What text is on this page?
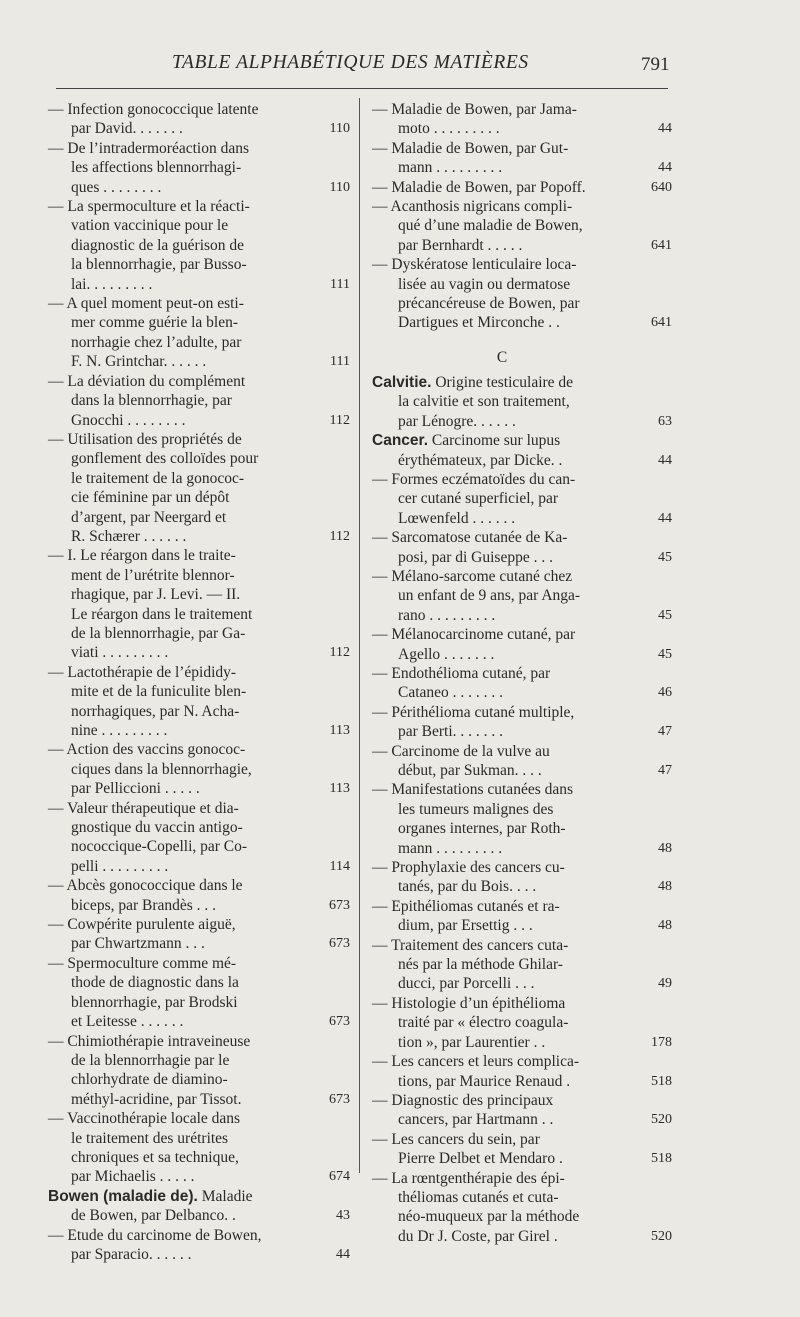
TABLE ALPHABÉTIQUE DES MATIÈRES	791
— Infection gonococcique latente
par David. . . . . . .	110
— De l’intradermoréaction dans
les affections blennorrhagi-
ques . . . . . . . .	110
— La spermoculture et la réacti-
vation vaccinique pour le
diagnostic de la guérison de
la blennorrhagie, par Busso-
lai. . . . . . . . .	111
— A quel moment peut-on esti-
mer comme guérie la blen-
norrhagie chez l’adulte, par
F. N. Grintchar. . . . . .	111
— La déviation du complément
dans la blennorrhagie, par
Gnocchi . . . . . . . .	112
— Utilisation des propriétés de
gonflement des colloïdes pour
le traitement de la gonococ-
cie féminine par un dépôt
d’argent, par Neergard et
R. Schærer . . . . . .	112
— I. Le réargon dans le traite-
ment de l’urétrite blennor-
rhagique, par J. Levi. — II.
Le réargon dans le traitement
de la blennorrhagie, par Ga-
viati . . . . . . . . .	112
— Lactothérapie de l’épididy-
mite et de la funiculite blen-
norrhagiques, par N. Acha-
nine . . . . . . . . .	113
— Action des vaccins gonococ-
ciques dans la blennorrhagie,
par Pelliccioni . . . . .	113
— Valeur thérapeutique et dia-
gnostique du vaccin antigo-
nococcique-Copelli, par Co-
pelli . . . . . . . . .	114
— Abcès gonococcique dans le
biceps, par Brandès . . .	673
— Cowpérite purulente aiguë,
par Chwartzmann . . .	673
— Spermoculture comme mé-
thode de diagnostic dans la
blennorrhagie, par Brodski
et Leitesse . . . . . .	673
— Chimiothérapie intraveineuse
de la blennorrhagie par le
chlorhydrate de diamino-
méthyl-acridine, par Tissot.	673
— Vaccinothérapie locale dans
le traitement des urétrites
chroniques et sa technique,
par Michaelis . . . . .	674
Bowen (maladie de). Maladie
de Bowen, par Delbanco. .	43
— Etude du carcinome de Bowen,
par Sparacio. . . . . .	44
— Maladie de Bowen, par Jama-
moto . . . . . . . . .	44
— Maladie de Bowen, par Gut-
mann . . . . . . . . .	44
— Maladie de Bowen, par Popoff.	640
— Acanthosis nigricans compli-
qué d’une maladie de Bowen,
par Bernhardt . . . . .	641
— Dyskératose lenticulaire loca-
lisée au vagin ou dermatose
précancéreuse de Bowen, par
Dartigues et Mirconche . .	641
C
Calvitie. Origine testiculaire de
la calvitie et son traitement,
par Lénogre. . . . . .	63
Cancer. Carcinome sur lupus
érythémateux, par Dicke. .	44
— Formes eczématoïdes du can-
cer cutané superficiel, par
Lœwenfeld . . . . . .	44
— Sarcomatose cutanée de Ka-
posi, par di Guiseppe . . .	45
— Mélano-sarcome cutané chez
un enfant de 9 ans, par Anga-
rano . . . . . . . . .	45
— Mélanocarcinome cutané, par
Agello . . . . . . .	45
— Endothélioma cutané, par
Cataneo . . . . . . .	46
— Périthélioma cutané multiple,
par Berti. . . . . . .	47
— Carcinome de la vulve au
début, par Sukman. . . .	47
— Manifestations cutanées dans
les tumeurs malignes des
organes internes, par Roth-
mann . . . . . . . . .	48
— Prophylaxie des cancers cu-
tanés, par du Bois. . . .	48
— Epithéliomas cutanés et ra-
dium, par Ersettig . . .	48
— Traitement des cancers cuta-
nés par la méthode Ghilar-
ducci, par Porcelli . . .	49
— Histologie d’un épithélioma
traité par « électro coagula-
tion », par Laurentier . .	178
— Les cancers et leurs complica-
tions, par Maurice Renaud .	518
— Diagnostic des principaux
cancers, par Hartmann . .	520
— Les cancers du sein, par
Pierre Delbet et Mendaro .	518
— La rœntgenthérapie des épi-
théliomas cutanés et cuta-
néo-muqueux par la méthode
du Dr J. Coste, par Girel .	520
